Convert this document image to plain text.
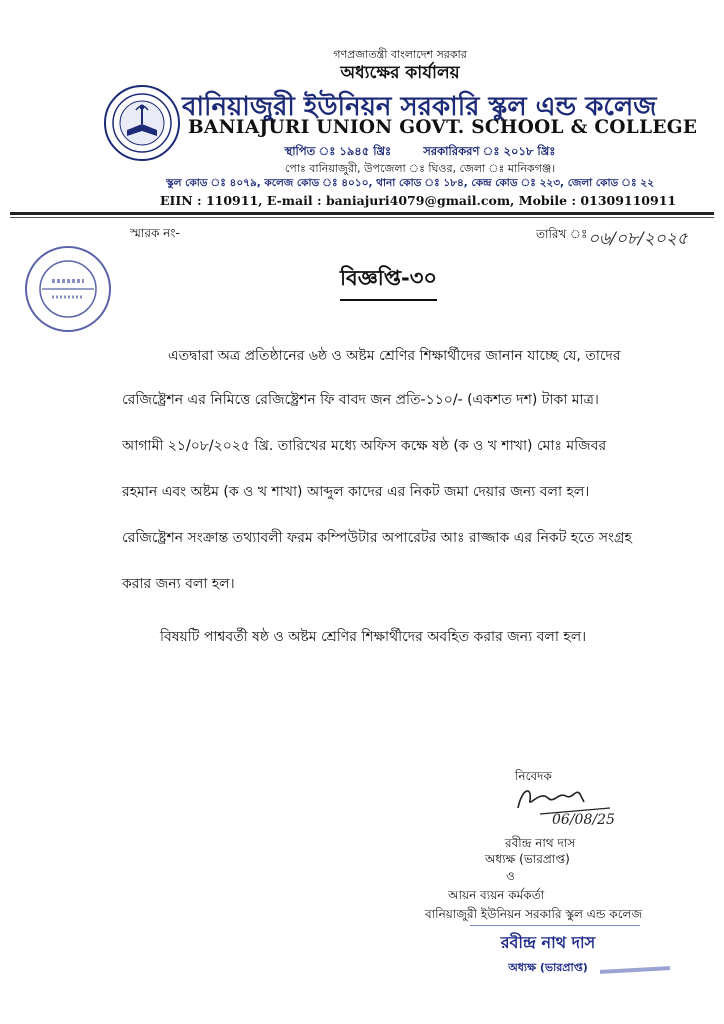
গণপ্রজাতন্ত্রী বাংলাদেশ সরকার
অধ্যক্ষের কার্যালয়
বানিয়াজুরী ইউনিয়ন সরকারি স্কুল এন্ড কলেজ
BANIAJURI UNION GOVT. SCHOOL & COLLEGE
স্থাপিত ঃ ১৯৪৫ খ্রিঃ        সরকারিকরণ ঃ ২০১৮ খ্রিঃ
পোঃ বানিয়াজুরী, উপজেলা ঃ ঘিওর, জেলা ঃ মানিকগঞ্জ।
স্কুল কোড ঃ ৪০৭৯, কলেজ কোড ঃ ৪০১০, থানা কোড ঃ ১৮৪, কেন্দ্র কোড ঃ ২২৩, জেলা কোড ঃ ২২
EIIN : 110911, E-mail : baniajuri4079@gmail.com, Mobile : 01309110911
স্মারক নং-	তারিখ ঃ ০৬/০৮/২০২৫
বিজ্ঞপ্তি-৩০
এতদ্বারা অত্র প্রতিষ্ঠানের ৬ষ্ঠ ও অষ্টম শ্রেণির শিক্ষার্থীদের জানান যাচ্ছে যে, তাদের
রেজিষ্ট্রেশন এর নিমিত্তে রেজিষ্ট্রেশন ফি বাবদ জন প্রতি-১১০/- (একশত দশ) টাকা মাত্র।
আগামী ২১/০৮/২০২৫ খ্রি. তারিখের মধ্যে অফিস কক্ষে ষষ্ঠ (ক ও খ শাখা) মোঃ মজিবর
রহমান এবং অষ্টম (ক ও খ শাখা) আব্দুল কাদের এর নিকট জমা দেয়ার জন্য বলা হল।
রেজিষ্ট্রেশন সংক্রান্ত তথ্যাবলী ফরম কম্পিউটার অপারেটর আঃ রাজ্জাক এর নিকট হতে সংগ্রহ
করার জন্য বলা হল।
বিষয়টি পাশ্ববর্তী ষষ্ঠ ও অষ্টম শ্রেণির শিক্ষার্থীদের অবহিত করার জন্য বলা হল।
নিবেদক
06/08/25
রবীন্দ্র নাথ দাস
অধ্যক্ষ (ভারপ্রাপ্ত)
ও
আয়ন ব্যয়ন কর্মকর্তা
বানিয়াজুরী ইউনিয়ন সরকারি স্কুল এন্ড কলেজ
রবীন্দ্র নাথ দাস
অধ্যক্ষ (ভারপ্রাপ্ত)
